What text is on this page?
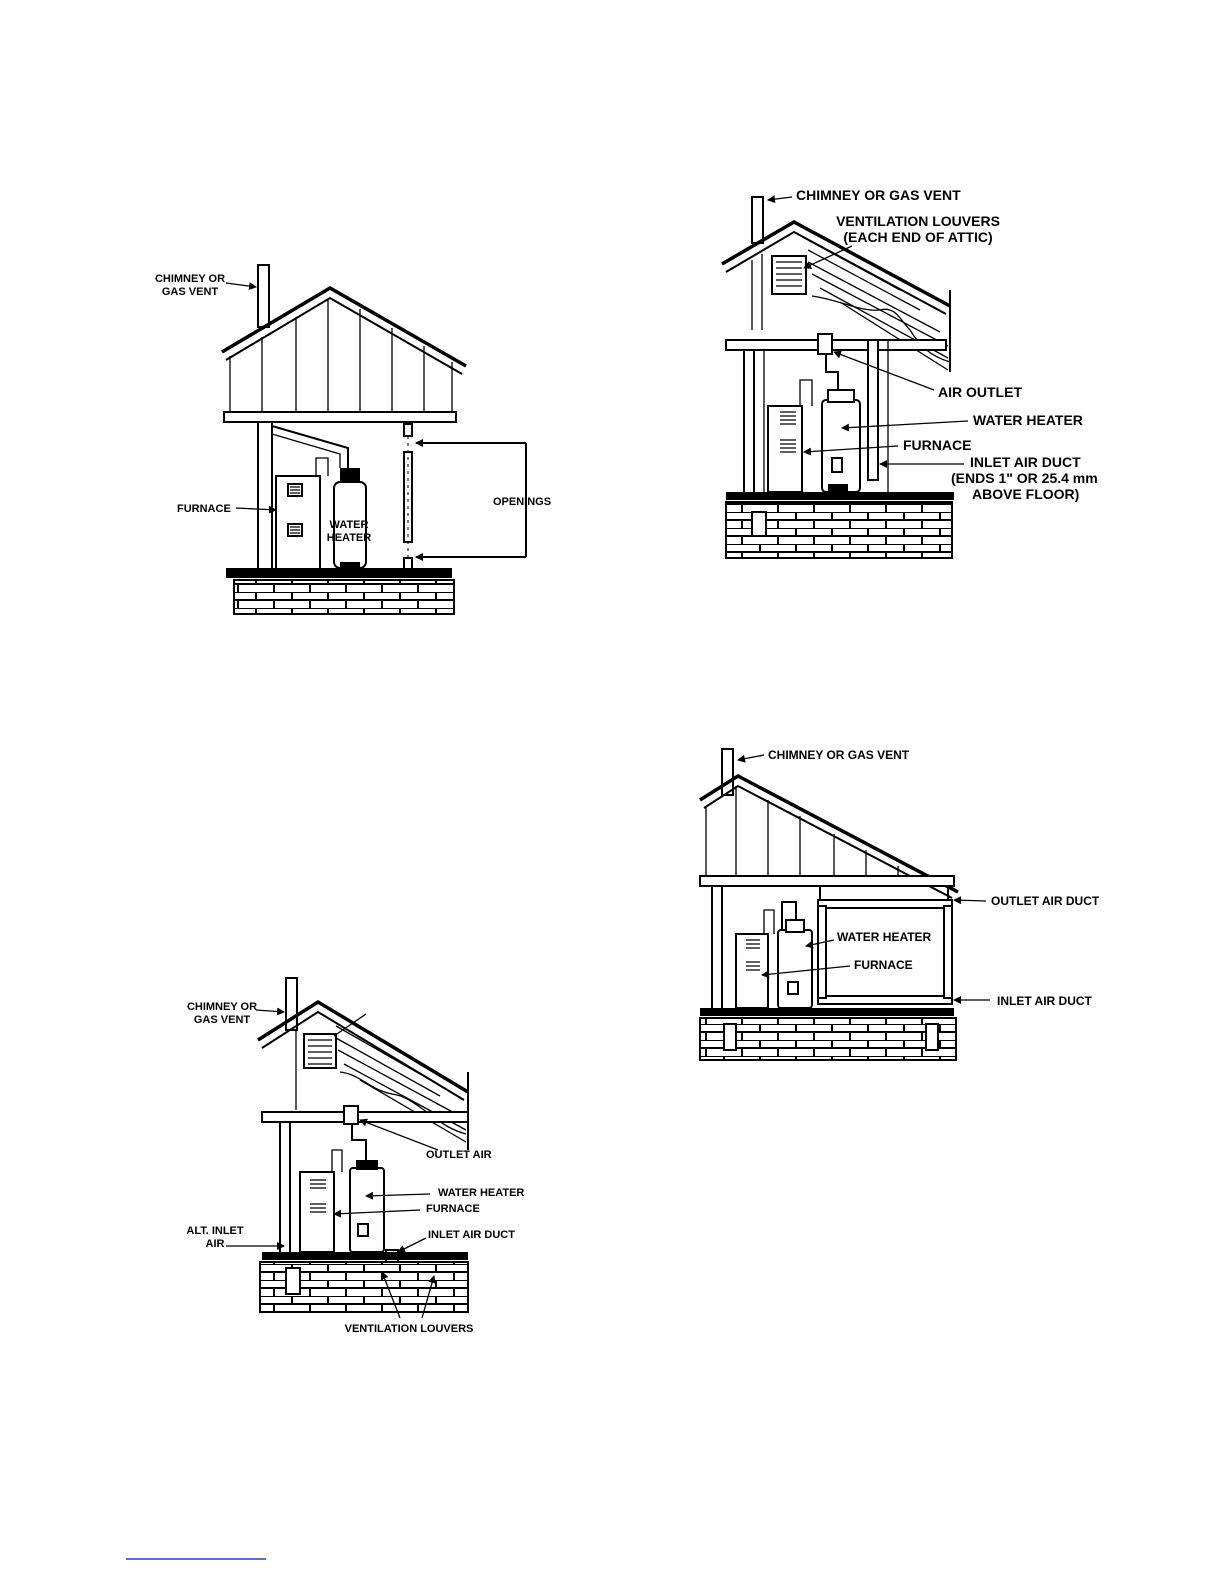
CHIMNEY OR
GAS VENT
FURNACE
WATER
HEATER
OPENINGS
CHIMNEY OR GAS VENT
VENTILATION LOUVERS
(EACH END OF ATTIC)
AIR OUTLET
WATER HEATER
FURNACE
INLET AIR DUCT
(ENDS 1" OR 25.4 mm
ABOVE FLOOR)
CHIMNEY OR GAS VENT
OUTLET AIR DUCT
WATER HEATER
FURNACE
INLET AIR DUCT
CHIMNEY OR
GAS VENT
OUTLET AIR
WATER HEATER
FURNACE
ALT. INLET
AIR
INLET AIR DUCT
VENTILATION LOUVERS
